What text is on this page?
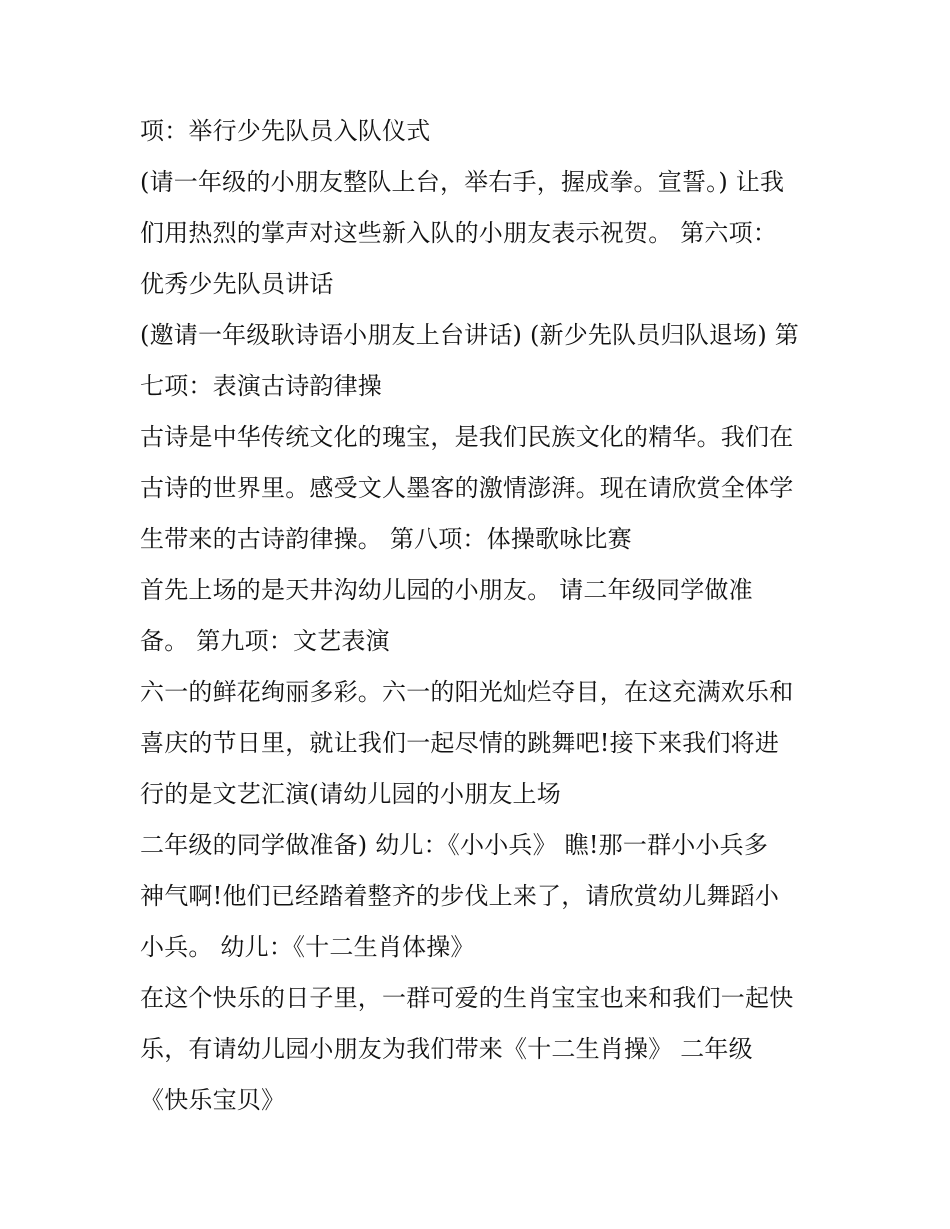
项：举行少先队员入队仪式
(请一年级的小朋友整队上台，举右手，握成拳。宣誓。) 让我
们用热烈的掌声对这些新入队的小朋友表示祝贺。 第六项：
优秀少先队员讲话
(邀请一年级耿诗语小朋友上台讲话) (新少先队员归队退场) 第
七项：表演古诗韵律操
古诗是中华传统文化的瑰宝，是我们民族文化的精华。我们在
古诗的世界里。感受文人墨客的激情澎湃。现在请欣赏全体学
生带来的古诗韵律操。 第八项：体操歌咏比赛
首先上场的是天井沟幼儿园的小朋友。 请二年级同学做准
备。 第九项：文艺表演
六一的鲜花绚丽多彩。六一的阳光灿烂夺目，在这充满欢乐和
喜庆的节日里，就让我们一起尽情的跳舞吧!接下来我们将进
行的是文艺汇演(请幼儿园的小朋友上场
二年级的同学做准备) 幼儿：《小小兵》 瞧!那一群小小兵多
神气啊!他们已经踏着整齐的步伐上来了，请欣赏幼儿舞蹈小
小兵。 幼儿：《十二生肖体操》
在这个快乐的日子里，一群可爱的生肖宝宝也来和我们一起快
乐，有请幼儿园小朋友为我们带来《十二生肖操》 二年级
《快乐宝贝》
